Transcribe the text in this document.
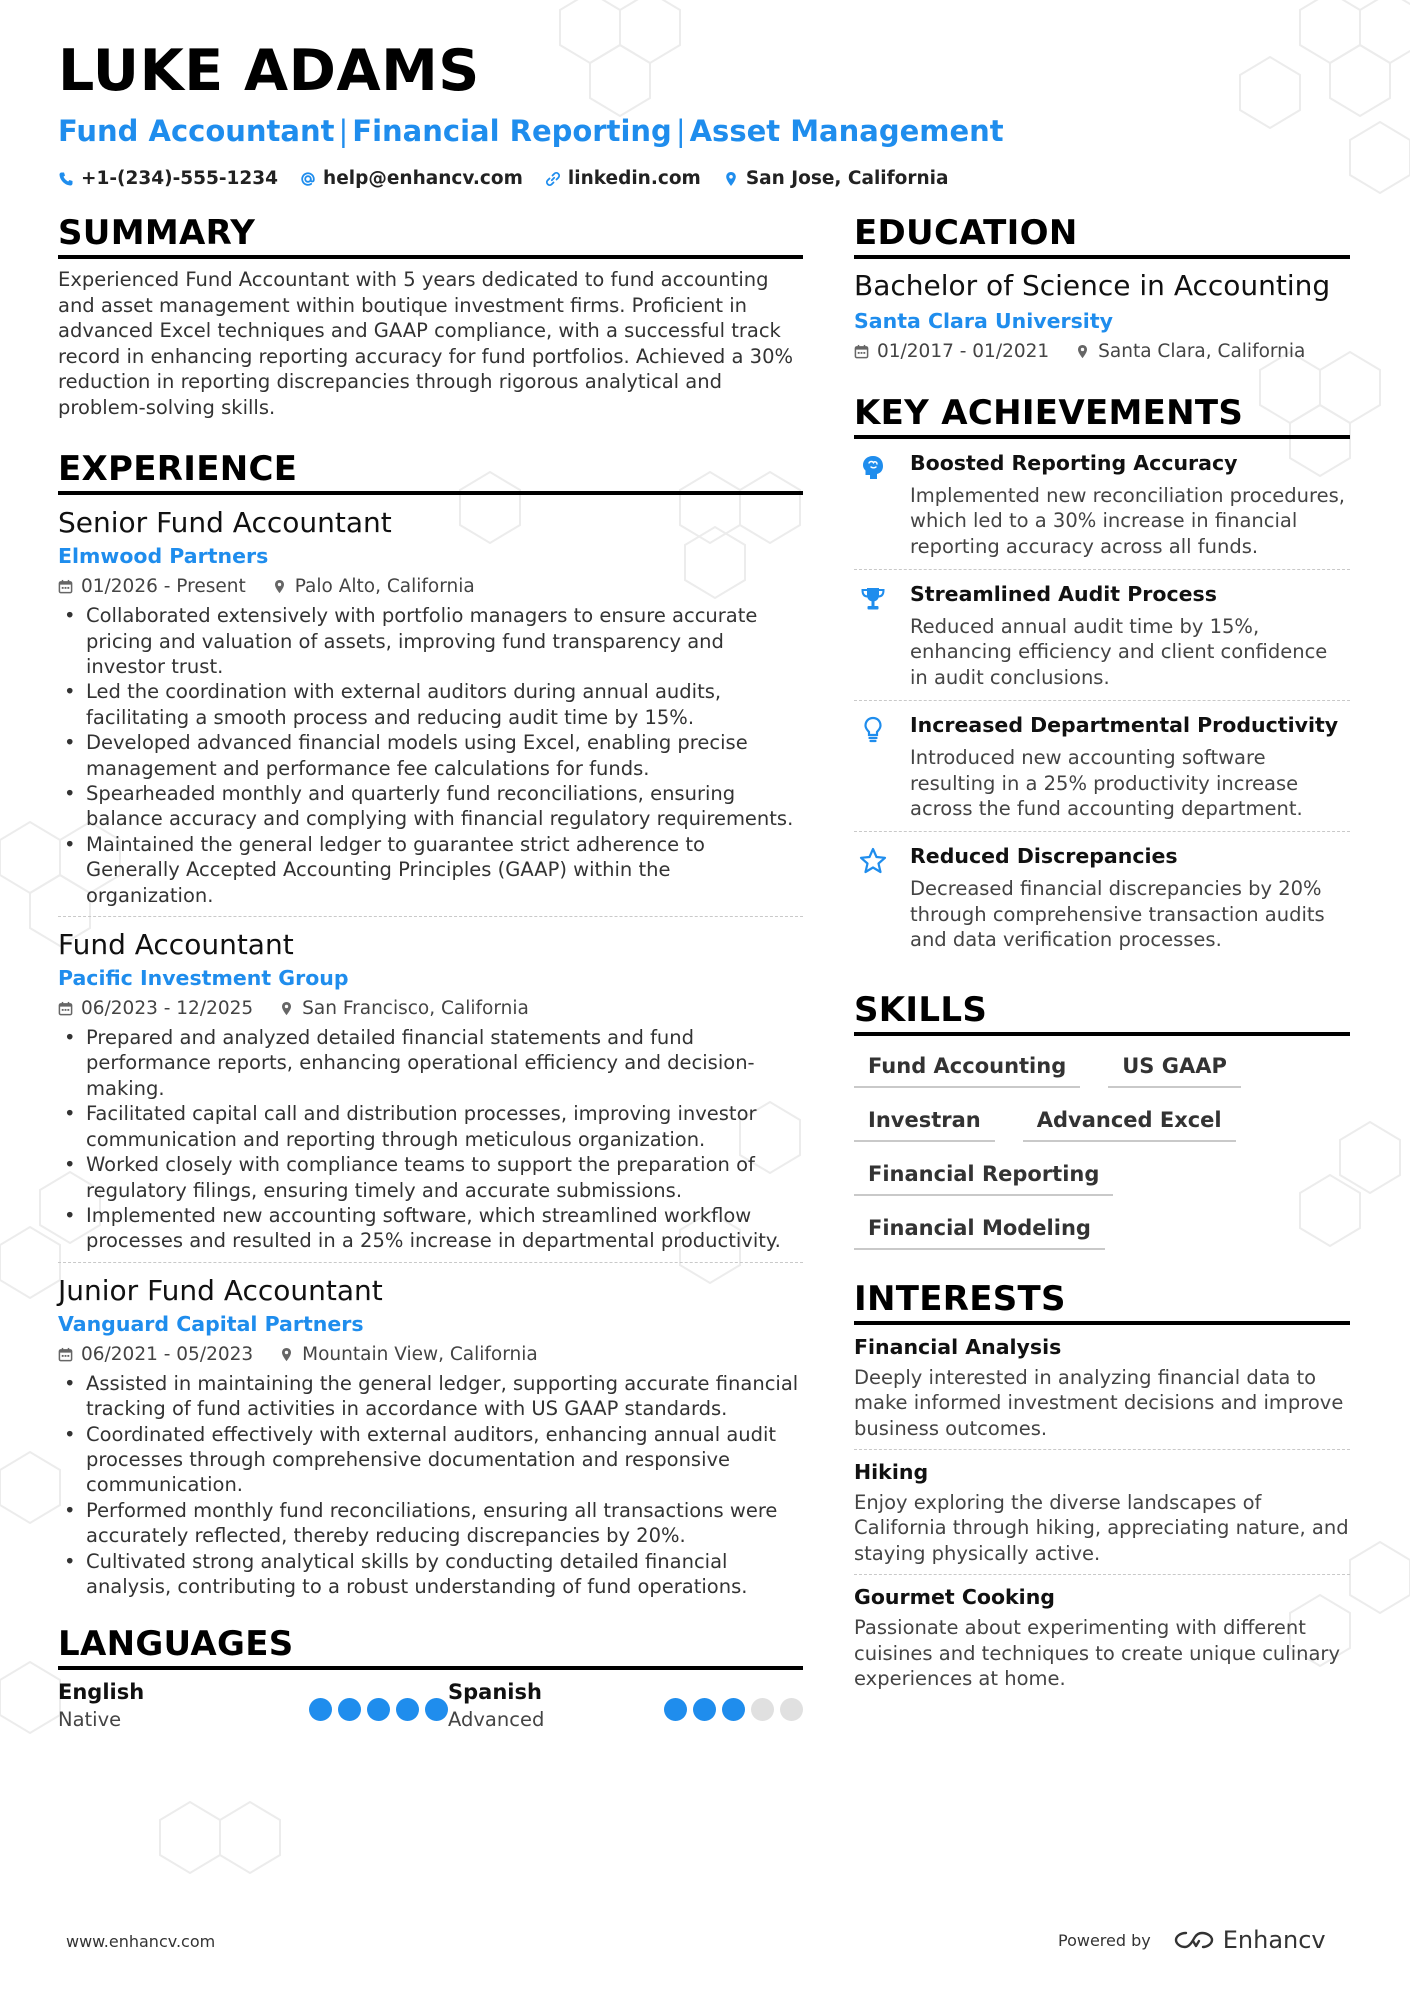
LUKE ADAMS
Fund Accountant | Financial Reporting | Asset Management
+1-(234)-555-1234 help@enhancv.com linkedin.com San Jose, California
SUMMARY
Experienced Fund Accountant with 5 years dedicated to fund accounting and asset management within boutique investment firms. Proficient in advanced Excel techniques and GAAP compliance, with a successful track record in enhancing reporting accuracy for fund portfolios. Achieved a 30% reduction in reporting discrepancies through rigorous analytical and problem-solving skills.
EXPERIENCE
Senior Fund Accountant
Elmwood Partners
01/2026 - Present	Palo Alto, California
• Collaborated extensively with portfolio managers to ensure accurate pricing and valuation of assets, improving fund transparency and investor trust.
• Led the coordination with external auditors during annual audits, facilitating a smooth process and reducing audit time by 15%.
• Developed advanced financial models using Excel, enabling precise management and performance fee calculations for funds.
• Spearheaded monthly and quarterly fund reconciliations, ensuring balance accuracy and complying with financial regulatory requirements.
• Maintained the general ledger to guarantee strict adherence to Generally Accepted Accounting Principles (GAAP) within the organization.
Fund Accountant
Pacific Investment Group
06/2023 - 12/2025	San Francisco, California
• Prepared and analyzed detailed financial statements and fund performance reports, enhancing operational efficiency and decision-making.
• Facilitated capital call and distribution processes, improving investor communication and reporting through meticulous organization.
• Worked closely with compliance teams to support the preparation of regulatory filings, ensuring timely and accurate submissions.
• Implemented new accounting software, which streamlined workflow processes and resulted in a 25% increase in departmental productivity.
Junior Fund Accountant
Vanguard Capital Partners
06/2021 - 05/2023	Mountain View, California
• Assisted in maintaining the general ledger, supporting accurate financial tracking of fund activities in accordance with US GAAP standards.
• Coordinated effectively with external auditors, enhancing annual audit processes through comprehensive documentation and responsive communication.
• Performed monthly fund reconciliations, ensuring all transactions were accurately reflected, thereby reducing discrepancies by 20%.
• Cultivated strong analytical skills by conducting detailed financial analysis, contributing to a robust understanding of fund operations.
LANGUAGES
English
Native
Spanish
Advanced
EDUCATION
Bachelor of Science in Accounting
Santa Clara University
01/2017 - 01/2021	Santa Clara, California
KEY ACHIEVEMENTS
Boosted Reporting Accuracy
Implemented new reconciliation procedures, which led to a 30% increase in financial reporting accuracy across all funds.
Streamlined Audit Process
Reduced annual audit time by 15%, enhancing efficiency and client confidence in audit conclusions.
Increased Departmental Productivity
Introduced new accounting software resulting in a 25% productivity increase across the fund accounting department.
Reduced Discrepancies
Decreased financial discrepancies by 20% through comprehensive transaction audits and data verification processes.
SKILLS
Fund Accounting	US GAAP
Investran	Advanced Excel
Financial Reporting
Financial Modeling
INTERESTS
Financial Analysis
Deeply interested in analyzing financial data to make informed investment decisions and improve business outcomes.
Hiking
Enjoy exploring the diverse landscapes of California through hiking, appreciating nature, and staying physically active.
Gourmet Cooking
Passionate about experimenting with different cuisines and techniques to create unique culinary experiences at home.
www.enhancv.com	Powered by	Enhancv
